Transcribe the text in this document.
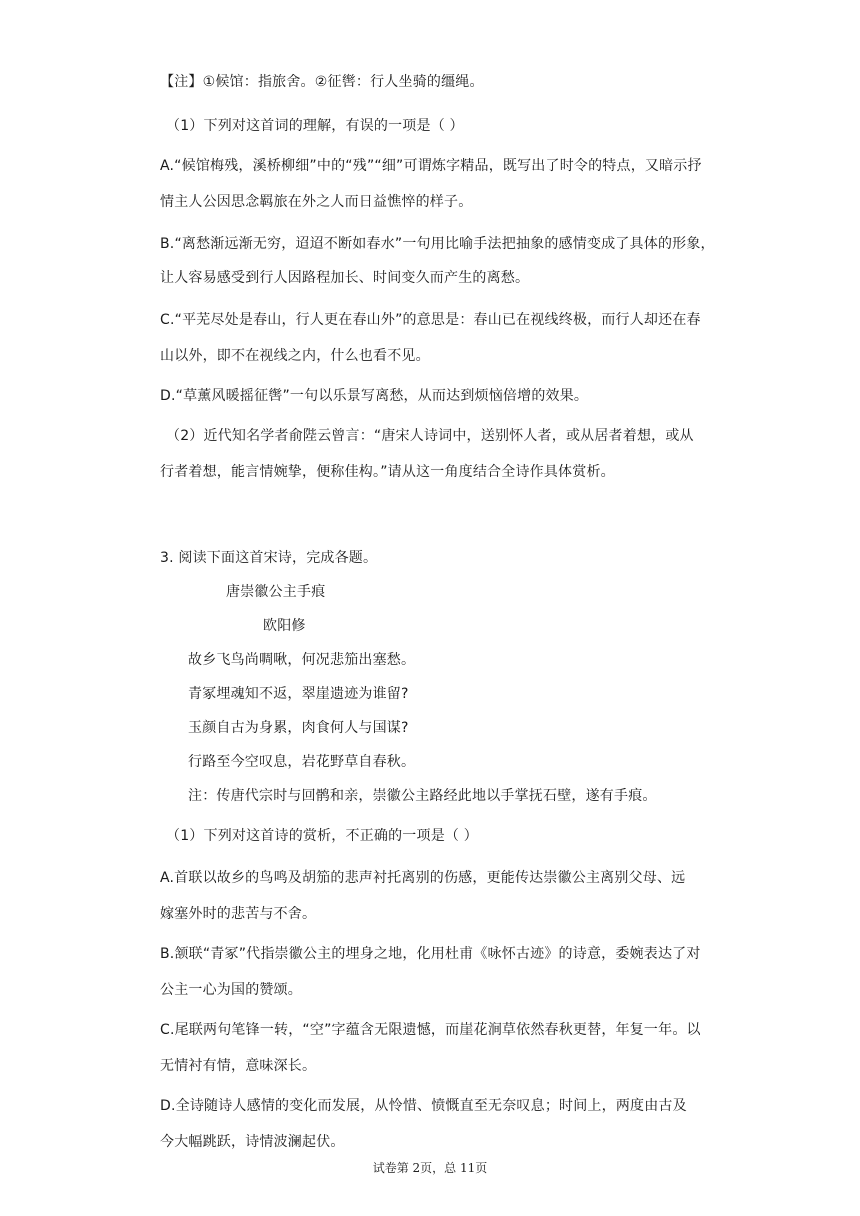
【注】①候馆：指旅舍。②征辔：行人坐骑的缰绳。
（1）下列对这首词的理解，有误的一项是（ ）
A.“候馆梅残，溪桥柳细”中的“残”“细”可谓炼字精品，既写出了时令的特点，又暗示抒
情主人公因思念羁旅在外之人而日益憔悴的样子。
B.“离愁渐远渐无穷，迢迢不断如春水”一句用比喻手法把抽象的感情变成了具体的形象，
让人容易感受到行人因路程加长、时间变久而产生的离愁。
C.“平芜尽处是春山，行人更在春山外”的意思是：春山已在视线终极，而行人却还在春
山以外，即不在视线之内，什么也看不见。
D.“草薰风暖摇征辔”一句以乐景写离愁，从而达到烦恼倍增的效果。
（2）近代知名学者俞陛云曾言：“唐宋人诗词中，送别怀人者，或从居者着想，或从
行者着想，能言情婉挚，便称佳构。”请从这一角度结合全诗作具体赏析。
3. 阅读下面这首宋诗，完成各题。
唐崇徽公主手痕
欧阳修
故乡飞鸟尚啁啾，何况悲笳出塞愁。
青冢埋魂知不返，翠崖遗迹为谁留?
玉颜自古为身累，肉食何人与国谋?
行路至今空叹息，岩花野草自春秋。
注：传唐代宗时与回鹘和亲，崇徽公主路经此地以手掌抚石壁，遂有手痕。
（1）下列对这首诗的赏析，不正确的一项是（ ）
A.首联以故乡的鸟鸣及胡笳的悲声衬托离别的伤感，更能传达崇徽公主离别父母、远
嫁塞外时的悲苦与不舍。
B.颔联“青冢”代指崇徽公主的埋身之地，化用杜甫《咏怀古迹》的诗意，委婉表达了对
公主一心为国的赞颂。
C.尾联两句笔锋一转，“空”字蕴含无限遗憾，而崖花涧草依然春秋更替，年复一年。以
无情衬有情，意味深长。
D.全诗随诗人感情的变化而发展，从怜惜、愤慨直至无奈叹息；时间上，两度由古及
今大幅跳跃，诗情波澜起伏。
试卷第 2页，总 11页
